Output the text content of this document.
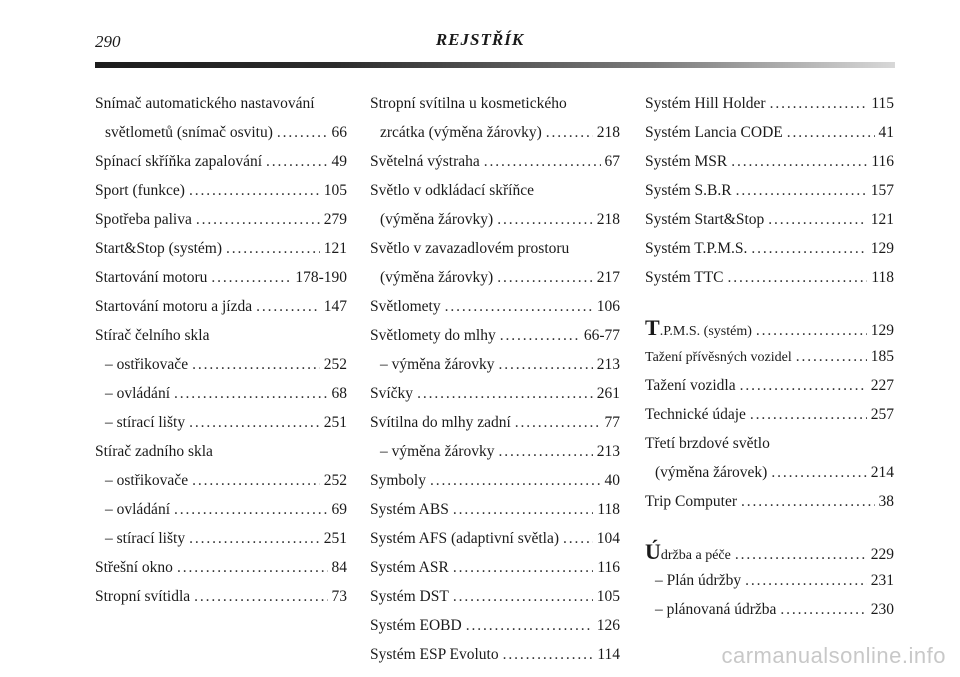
290	REJSTŘÍK
Snímač automatického nastavování
světlometů (snímač osvitu) . . .	66
Spínací skříňka zapalování . . .	49
Sport (funkce) . . .	105
Spotřeba paliva . . .	279
Start&Stop (systém) . . .	121
Startování motoru . . .	178-190
Startování motoru a jízda . . .	147
Stírač čelního skla
– ostřikovače . . .	252
– ovládání . . .	68
– stírací lišty . . .	251
Stírač zadního skla
– ostřikovače . . .	252
– ovládání . . .	69
– stírací lišty . . .	251
Střešní okno . . .	84
Stropní svítidla . . .	73
Stropní svítilna u kosmetického
zrcátka (výměna žárovky) . . .	218
Světelná výstraha . . .	67
Světlo v odkládací skříňce
(výměna žárovky) . . .	218
Světlo v zavazadlovém prostoru
(výměna žárovky) . . .	217
Světlomety . . .	106
Světlomety do mlhy . . .	66-77
– výměna žárovky . . .	213
Svíčky . . .	261
Svítilna do mlhy zadní . . .	77
– výměna žárovky . . .	213
Symboly . . .	40
Systém ABS . . .	118
Systém AFS (adaptivní světla) . . . 104
Systém ASR . . .	116
Systém DST . . .	105
Systém EOBD . . .	126
Systém ESP Evoluto . . .	114
Systém Hill Holder . . .	115
Systém Lancia CODE . . .	41
Systém MSR . . .	116
Systém S.B.R . . .	157
Systém Start&Stop . . .	121
Systém T.P.M.S. . . .	129
Systém TTC . . .	118
T.P.M.S. (systém) . . .	129
Tažení přívěsných vozidel . . .	185
Tažení vozidla . . .	227
Technické údaje . . .	257
Třetí brzdové světlo
(výměna žárovek) . . .	214
Trip Computer . . .	38
Údržba a péče . . .	229
– Plán údržby . . .	231
– plánovaná údržba . . .	230
carmanualsonline.info
